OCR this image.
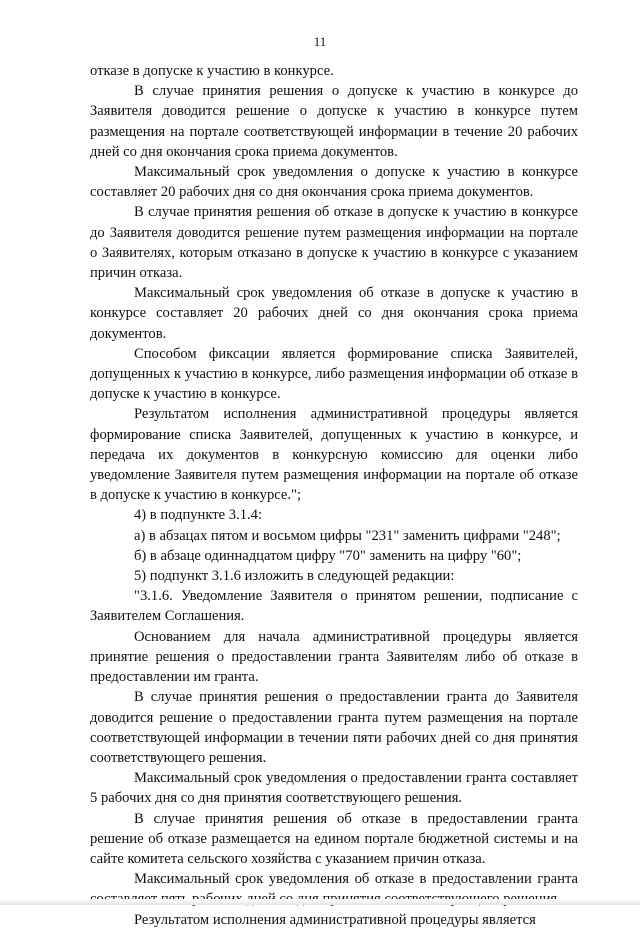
11

отказе в допуске к участию в конкурсе.

В случае принятия решения о допуске к участию в конкурсе до Заявителя доводится решение о допуске к участию в конкурсе путем размещения на портале соответствующей информации в течение 20 рабочих дней со дня окончания срока приема документов.

Максимальный срок уведомления о допуске к участию в конкурсе составляет 20 рабочих дня со дня окончания срока приема документов.

В случае принятия решения об отказе в допуске к участию в конкурсе до Заявителя доводится решение путем размещения информации на портале о Заявителях, которым отказано в допуске к участию в конкурсе с указанием причин отказа.

Максимальный срок уведомления об отказе в допуске к участию в конкурсе составляет 20 рабочих дней со дня окончания срока приема документов.

Способом фиксации является формирование списка Заявителей, допущенных к участию в конкурсе, либо размещения информации об отказе в допуске к участию в конкурсе.

Результатом исполнения административной процедуры является формирование списка Заявителей, допущенных к участию в конкурсе, и передача их документов в конкурсную комиссию для оценки либо уведомление Заявителя путем размещения информации на портале об отказе в допуске к участию в конкурсе.";

4) в подпункте 3.1.4:

а) в абзацах пятом и восьмом цифры "231" заменить цифрами "248";

б) в абзаце одиннадцатом цифру "70" заменить на цифру "60";

5) подпункт 3.1.6 изложить в следующей редакции:

"3.1.6. Уведомление Заявителя о принятом решении, подписание с Заявителем Соглашения.

Основанием для начала административной процедуры является принятие решения о предоставлении гранта Заявителям либо об отказе в предоставлении им гранта.

В случае принятия решения о предоставлении гранта до Заявителя доводится решение о предоставлении гранта путем размещения на портале соответствующей информации в течении пяти рабочих дней со дня принятия соответствующего решения.

Максимальный срок уведомления о предоставлении гранта составляет 5 рабочих дня со дня принятия соответствующего решения.

В случае принятия решения об отказе в предоставлении гранта решение об отказе размещается на едином портале бюджетной системы и на сайте комитета сельского хозяйства с указанием причин отказа.

Максимальный срок уведомления об отказе в предоставлении гранта

Результатом исполнения административной процедуры является
